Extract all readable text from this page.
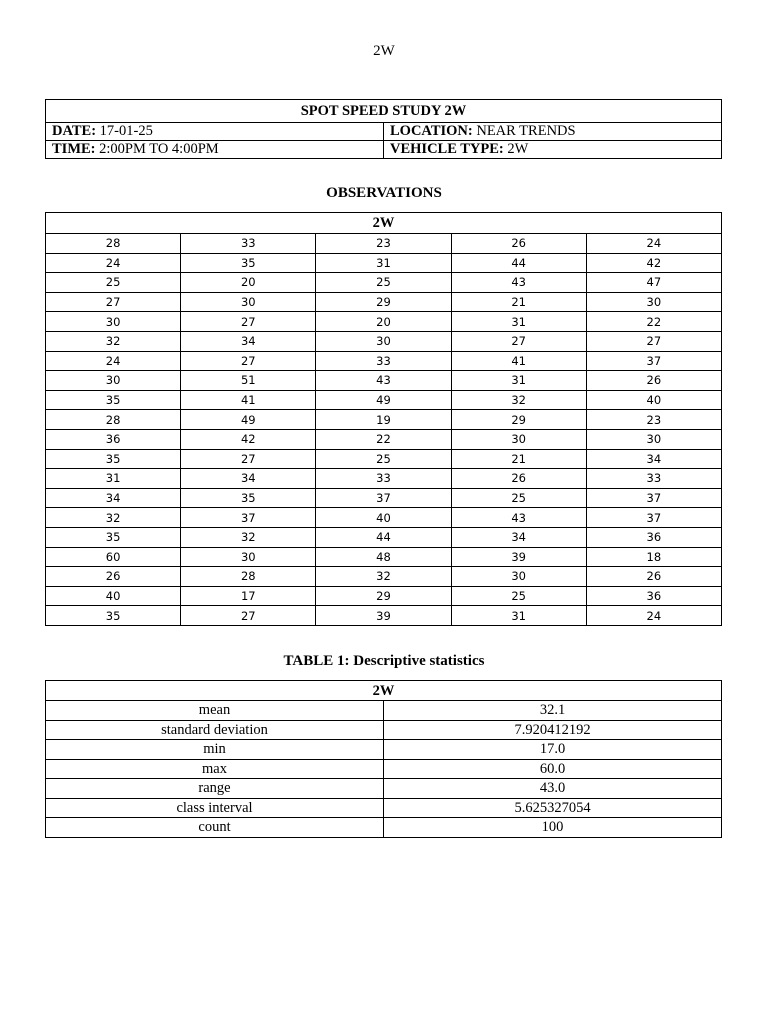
2W
SPOT SPEED STUDY 2W	
DATE: 17-01-25	LOCATION: NEAR TRENDS
TIME: 2:00PM TO 4:00PM	VEHICLE TYPE: 2W
OBSERVATIONS
2W				
28	33	23	26	24
24	35	31	44	42
25	20	25	43	47
27	30	29	21	30
30	27	20	31	22
32	34	30	27	27
24	27	33	41	37
30	51	43	31	26
35	41	49	32	40
28	49	19	29	23
36	42	22	30	30
35	27	25	21	34
31	34	33	26	33
34	35	37	25	37
32	37	40	43	37
35	32	44	34	36
60	30	48	39	18
26	28	32	30	26
40	17	29	25	36
35	27	39	31	24
TABLE 1: Descriptive statistics
2W	
mean	32.1
standard deviation	7.920412192
min	17.0
max	60.0
range	43.0
class interval	5.625327054
count	100
